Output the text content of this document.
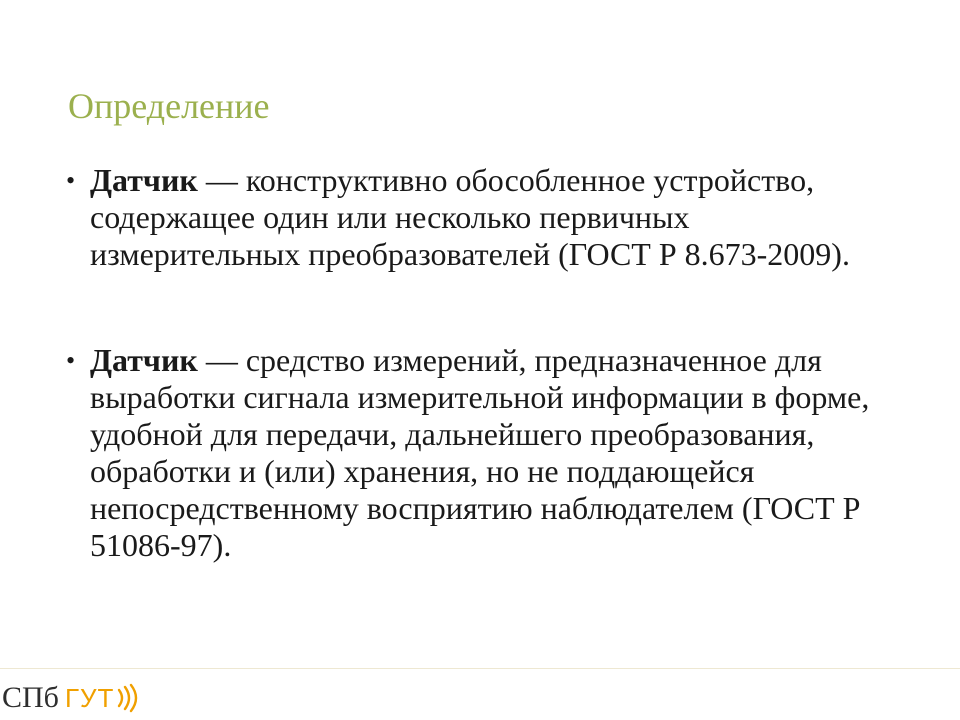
Определение
• Датчик — конструктивно обособленное устройство, содержащее один или несколько первичных измерительных преобразователей (ГОСТ Р 8.673-2009).
• Датчик — средство измерений, предназначенное для выработки сигнала измерительной информации в форме, удобной для передачи, дальнейшего преобразования, обработки и (или) хранения, но не поддающейся непосредственному восприятию наблюдателем (ГОСТ Р 51086-97).
СПб ГУТ
